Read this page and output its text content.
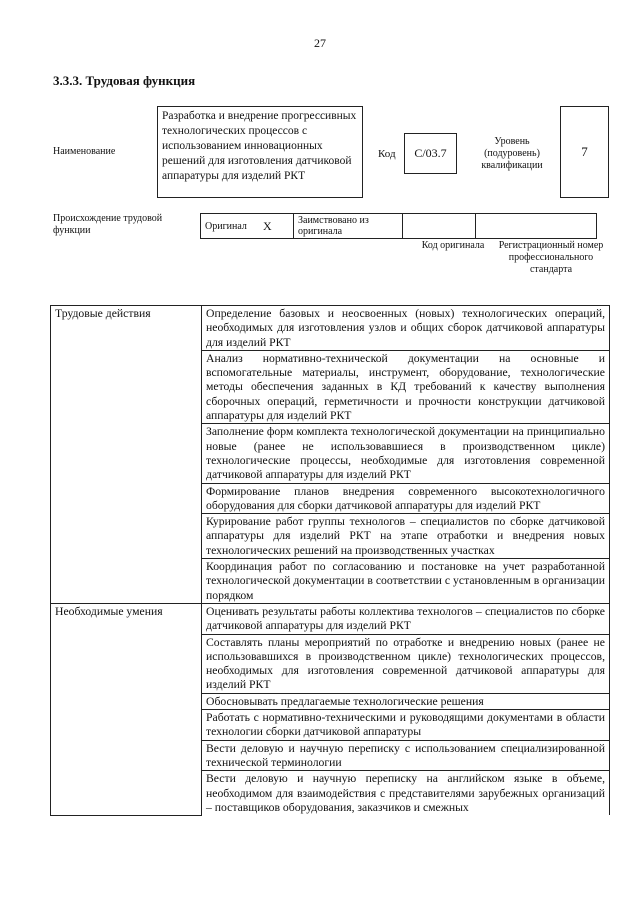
27
3.3.3. Трудовая функция
Наименование
Разработка и внедрение прогрессивных технологических процессов с использованием инновационных решений для изготовления датчиковой аппаратуры для изделий РКТ
Код	С/03.7
Уровень (подуровень) квалификации
7
Происхождение трудовой функции	Оригинал	X	Заимствовано из оригинала		
Код оригинала	Регистрационный номер профессионального стандарта
Трудовые действия	Определение базовых и неосвоенных (новых) технологических операций, необходимых для изготовления узлов и общих сборок датчиковой аппаратуры для изделий РКТ
	Анализ нормативно-технической документации на основные и вспомогательные материалы, инструмент, оборудование, технологические методы обеспечения заданных в КД требований к качеству выполнения сборочных операций, герметичности и прочности конструкции датчиковой аппаратуры для изделий РКТ
	Заполнение форм комплекта технологической документации на принципиально новые (ранее не использовавшиеся в производственном цикле) технологические процессы, необходимые для изготовления современной датчиковой аппаратуры для изделий РКТ
	Формирование планов внедрения современного высокотехнологичного оборудования для сборки датчиковой аппаратуры для изделий РКТ
	Курирование работ группы технологов – специалистов по сборке датчиковой аппаратуры для изделий РКТ на этапе отработки и внедрения новых технологических решений на производственных участках
	Координация работ по согласованию и постановке на учет разработанной технологической документации в соответствии с установленным в организации порядком
Необходимые умения	Оценивать результаты работы коллектива технологов – специалистов по сборке датчиковой аппаратуры для изделий РКТ
	Составлять планы мероприятий по отработке и внедрению новых (ранее не использовавшихся в производственном цикле) технологических процессов, необходимых для изготовления современной датчиковой аппаратуры для изделий РКТ
	Обосновывать предлагаемые технологические решения
	Работать с нормативно-техническими и руководящими документами в области технологии сборки датчиковой аппаратуры
	Вести деловую и научную переписку с использованием специализированной технической терминологии
	Вести деловую и научную переписку на английском языке в объеме, необходимом для взаимодействия с представителями зарубежных организаций – поставщиков оборудования, заказчиков и смежных
